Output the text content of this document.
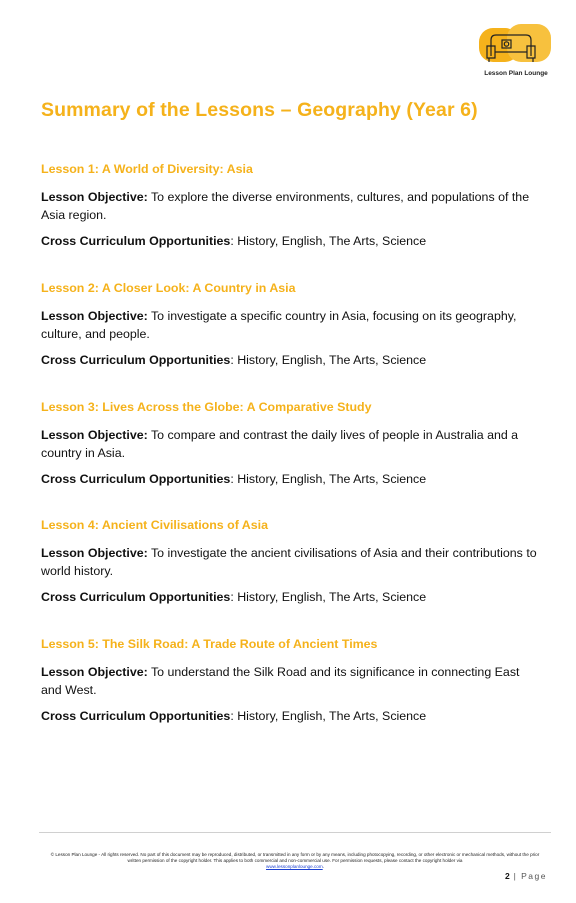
Lesson Plan Lounge
Summary of the Lessons – Geography (Year 6)

Lesson 1: A World of Diversity: Asia

Lesson Objective: To explore the diverse environments, cultures, and populations of the Asia region.

Cross Curriculum Opportunities: History, English, The Arts, Science

Lesson 2: A Closer Look: A Country in Asia

Lesson Objective: To investigate a specific country in Asia, focusing on its geography, culture, and people.

Cross Curriculum Opportunities: History, English, The Arts, Science

Lesson 3: Lives Across the Globe: A Comparative Study

Lesson Objective: To compare and contrast the daily lives of people in Australia and a country in Asia.

Cross Curriculum Opportunities: History, English, The Arts, Science

Lesson 4: Ancient Civilisations of Asia

Lesson Objective: To investigate the ancient civilisations of Asia and their contributions to world history.

Cross Curriculum Opportunities: History, English, The Arts, Science

Lesson 5: The Silk Road: A Trade Route of Ancient Times

Lesson Objective: To understand the Silk Road and its significance in connecting East and West.

Cross Curriculum Opportunities: History, English, The Arts, Science

© Lesson Plan Lounge - All rights reserved. No part of this document may be reproduced, distributed, or transmitted in any form or by any means, including photocopying, recording, or other electronic or mechanical methods, without the prior written permission of the copyright holder. This applies to both commercial and non-commercial use. For permission requests, please contact the copyright holder via
www.lessonplanlounge.com.

2 | Page
